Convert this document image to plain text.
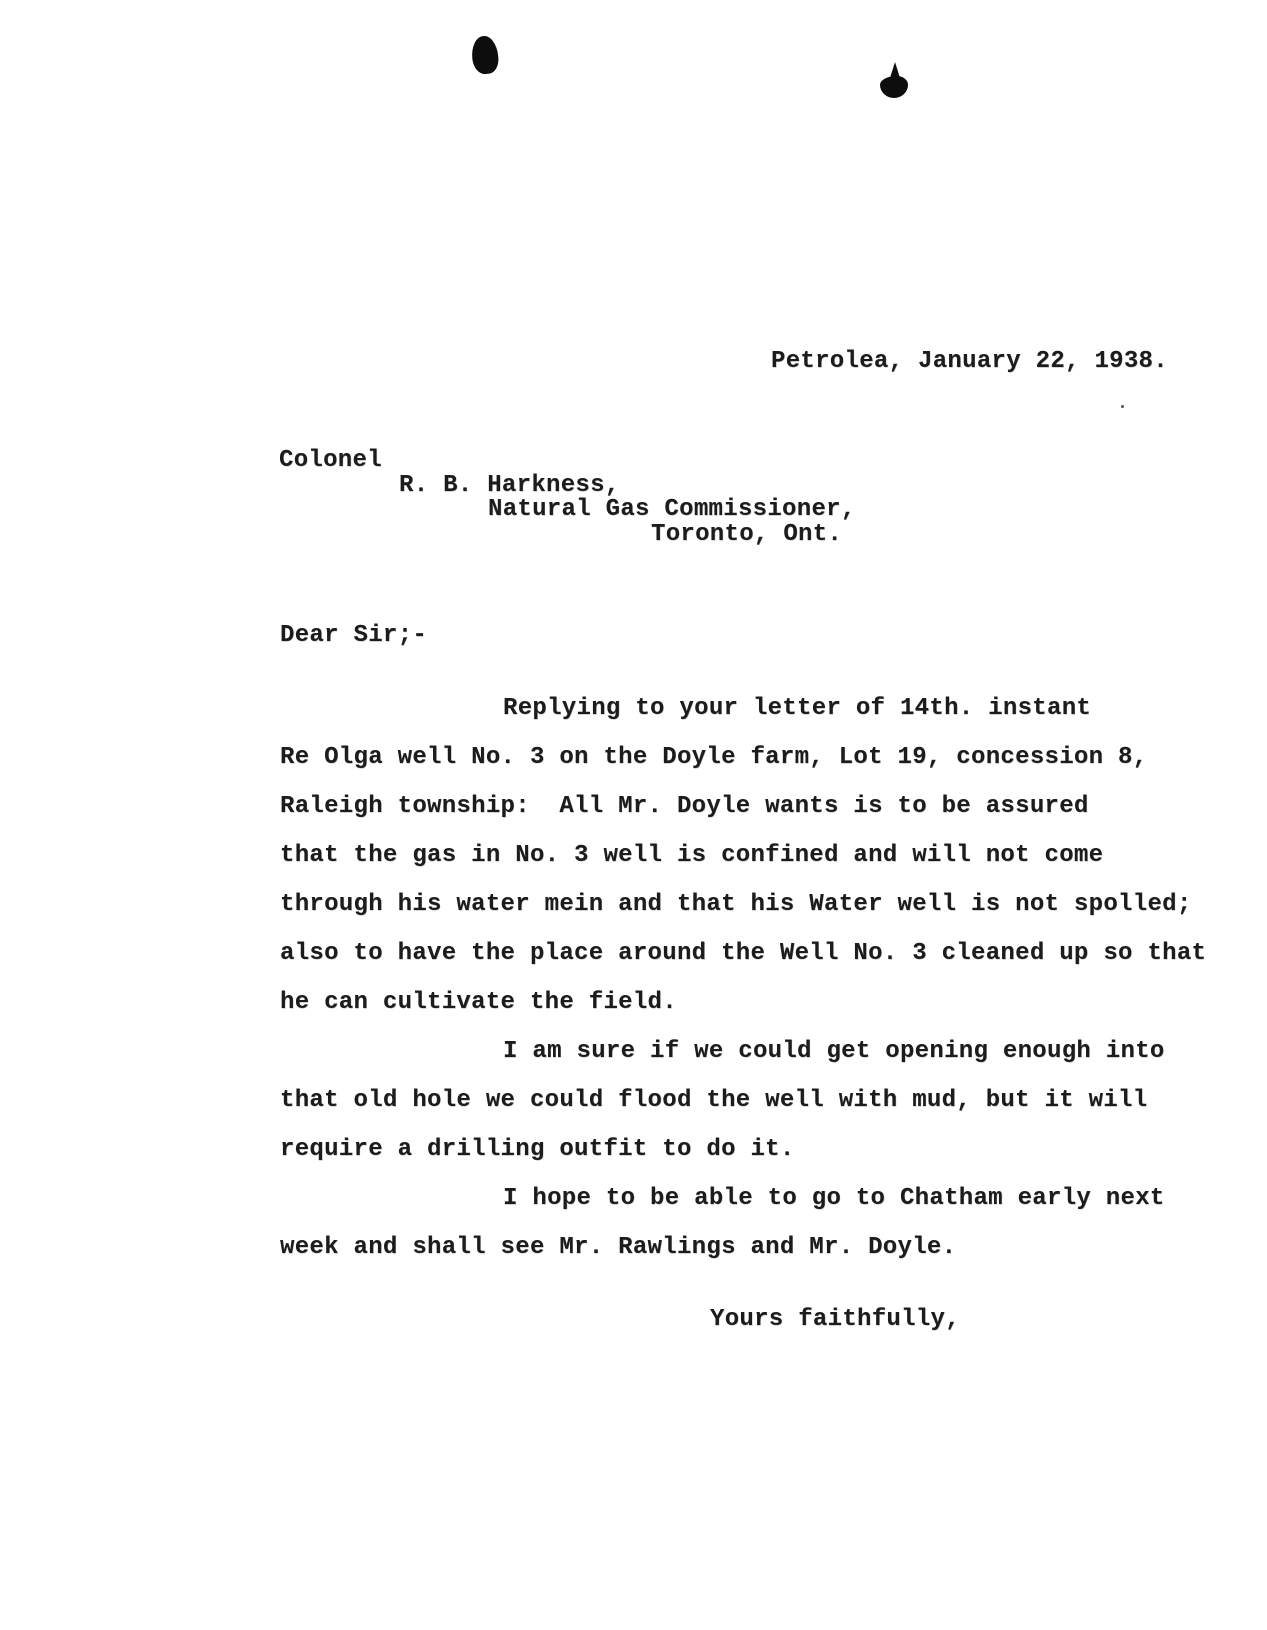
Petrolea, January 22, 1938.
Colonel
R. B. Harkness,
Natural Gas Commissioner,
Toronto, Ont.
Dear Sir;-
Replying to your letter of 14th. instant
Re Olga well No. 3 on the Doyle farm, Lot 19, concession 8,
Raleigh township:  All Mr. Doyle wants is to be assured
that the gas in No. 3 well is confined and will not come
through his water mein and that his Water well is not spolled;
also to have the place around the Well No. 3 cleaned up so that
he can cultivate the field.
I am sure if we could get opening enough into
that old hole we could flood the well with mud, but it will
require a drilling outfit to do it.
I hope to be able to go to Chatham early next
week and shall see Mr. Rawlings and Mr. Doyle.
Yours faithfully,
